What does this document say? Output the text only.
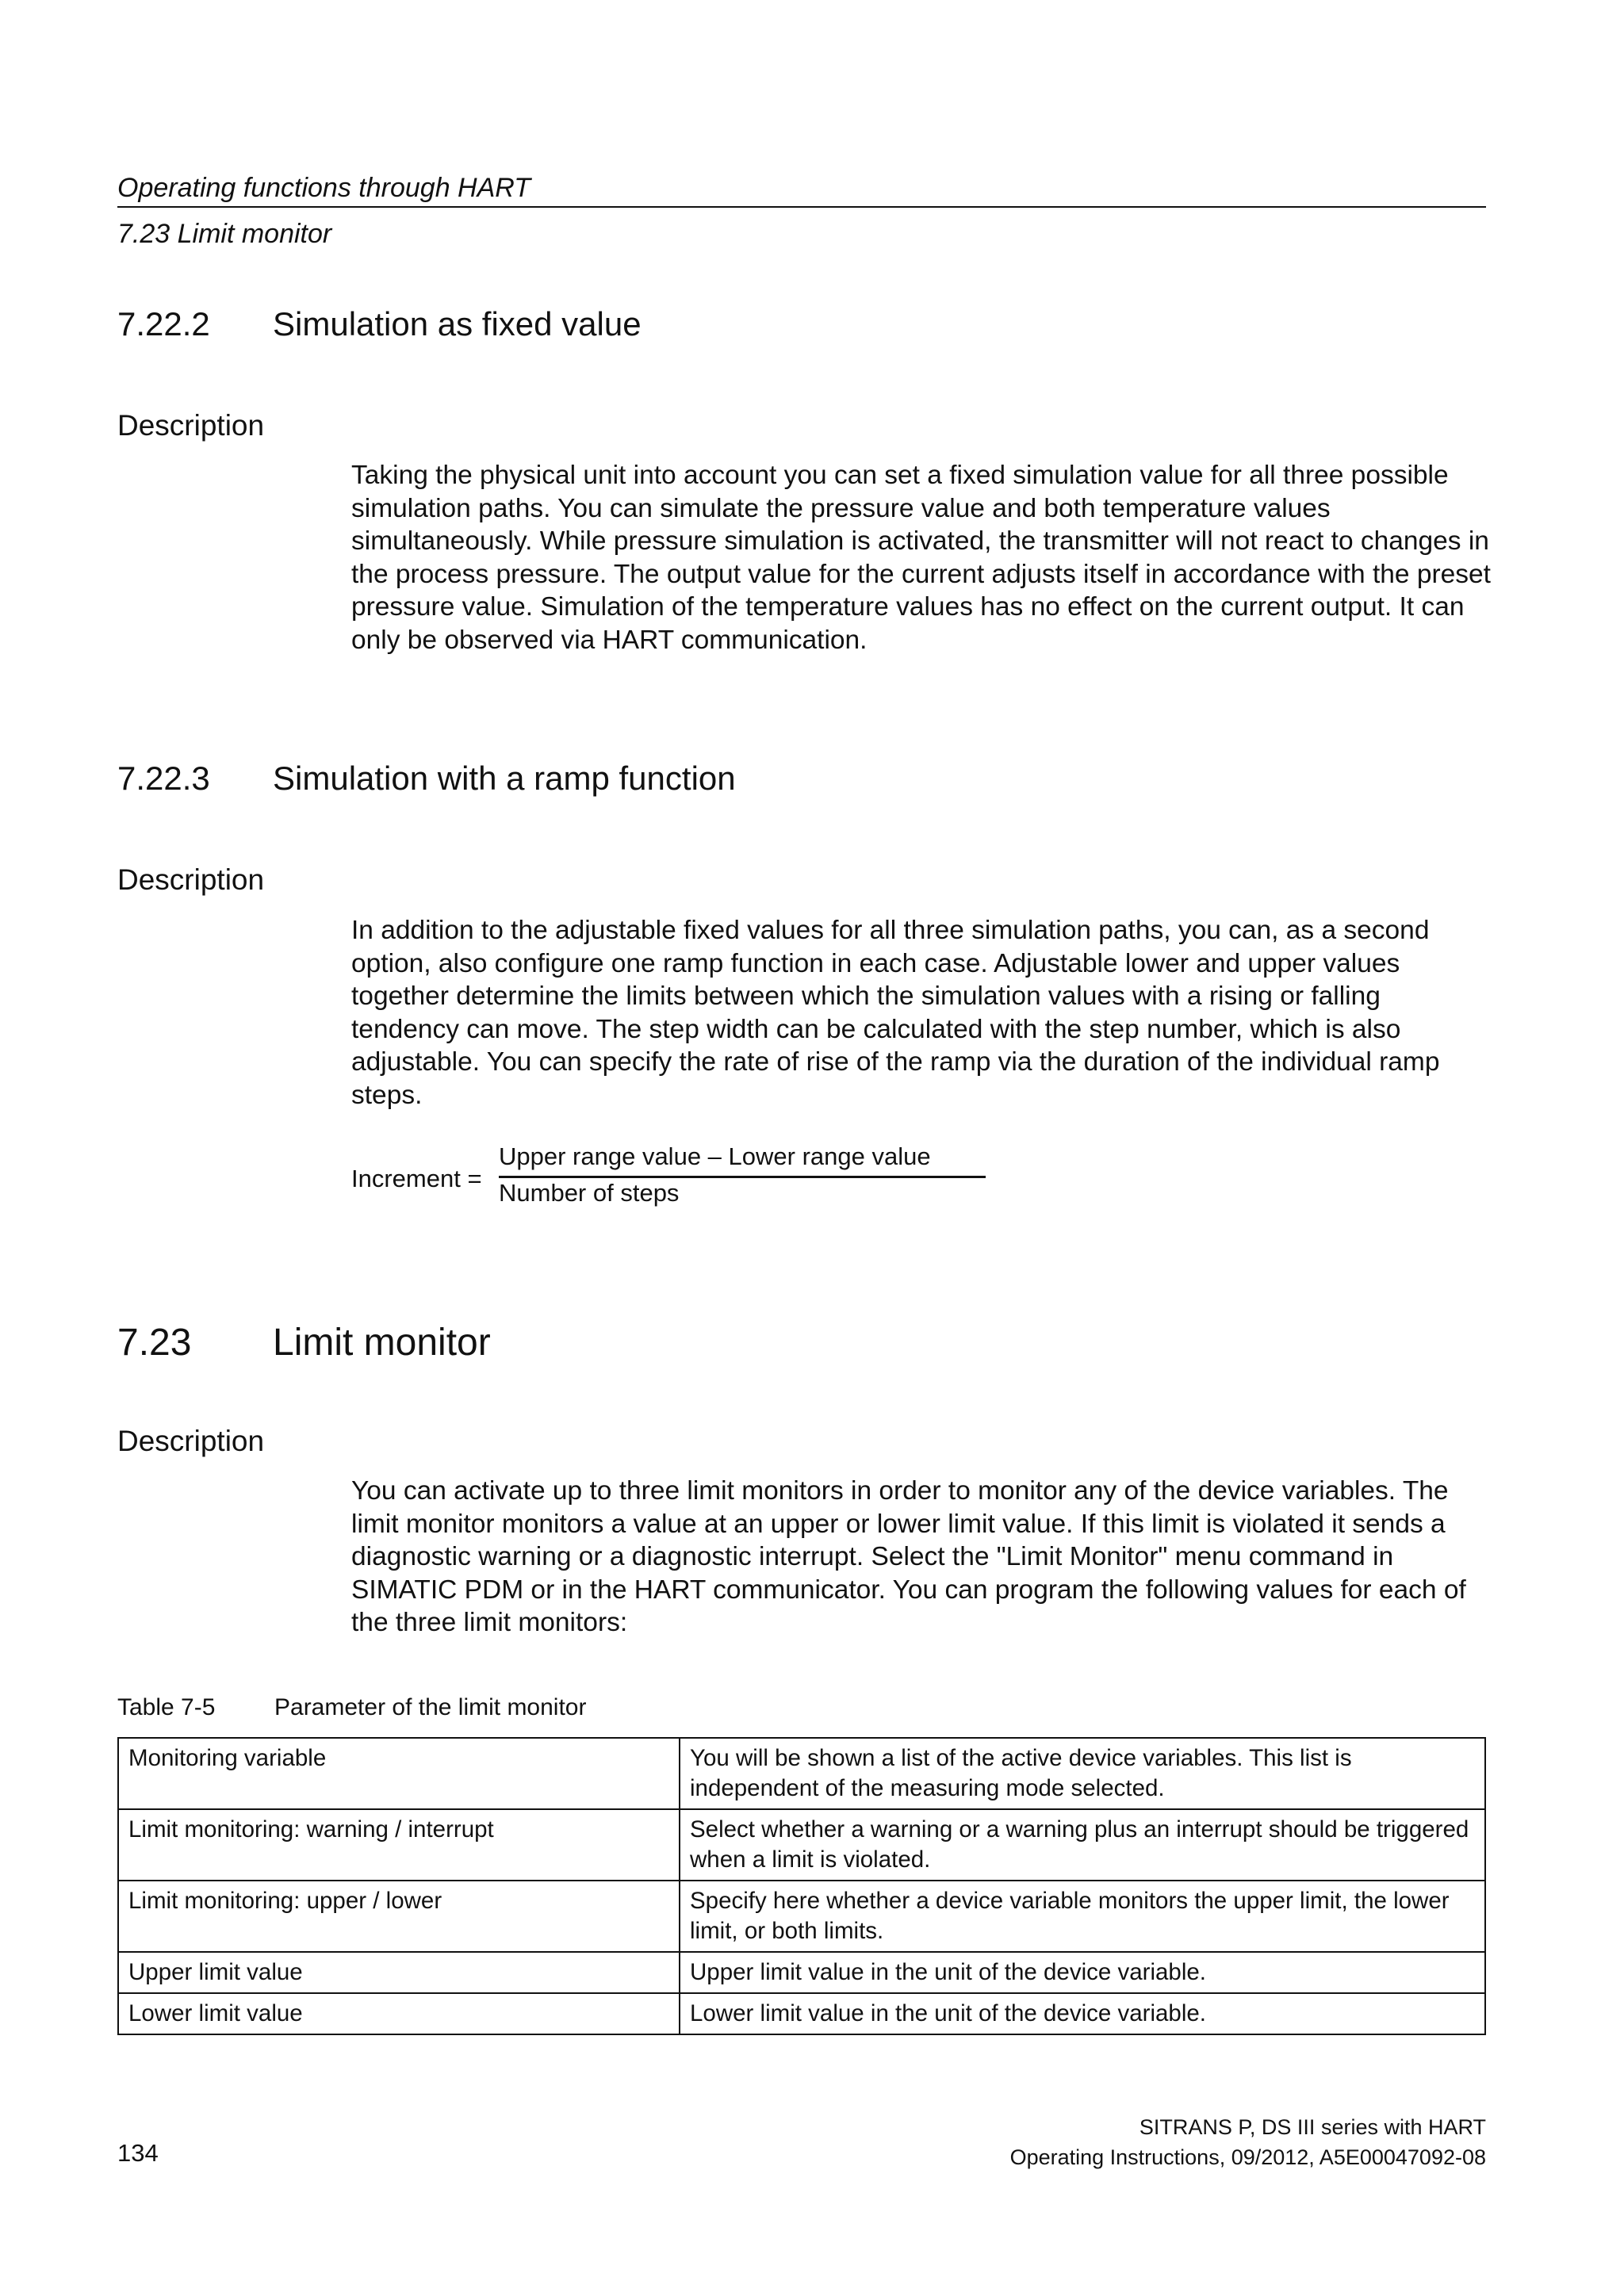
Operating functions through HART
7.23 Limit monitor
7.22.2 Simulation as fixed value
Description
Taking the physical unit into account you can set a fixed simulation value for all three possible simulation paths. You can simulate the pressure value and both temperature values simultaneously. While pressure simulation is activated, the transmitter will not react to changes in the process pressure. The output value for the current adjusts itself in accordance with the preset pressure value. Simulation of the temperature values has no effect on the current output. It can only be observed via HART communication.
7.22.3 Simulation with a ramp function
Description
In addition to the adjustable fixed values for all three simulation paths, you can, as a second option, also configure one ramp function in each case. Adjustable lower and upper values together determine the limits between which the simulation values with a rising or falling tendency can move. The step width can be calculated with the step number, which is also adjustable. You can specify the rate of rise of the ramp via the duration of the individual ramp steps.
Increment =
Upper range value – Lower range value
Number of steps
7.23 Limit monitor
Description
You can activate up to three limit monitors in order to monitor any of the device variables. The limit monitor monitors a value at an upper or lower limit value. If this limit is violated it sends a diagnostic warning or a diagnostic interrupt. Select the "Limit Monitor" menu command in SIMATIC PDM or in the HART communicator. You can program the following values for each of the three limit monitors:
Table 7-5 Parameter of the limit monitor
Monitoring variable	You will be shown a list of the active device variables. This list is independent of the measuring mode selected.
Limit monitoring: warning / interrupt	Select whether a warning or a warning plus an interrupt should be triggered when a limit is violated.
Limit monitoring: upper / lower	Specify here whether a device variable monitors the upper limit, the lower limit, or both limits.
Upper limit value	Upper limit value in the unit of the device variable.
Lower limit value	Lower limit value in the unit of the device variable.
SITRANS P, DS III series with HART
Operating Instructions, 09/2012, A5E00047092-08
134
